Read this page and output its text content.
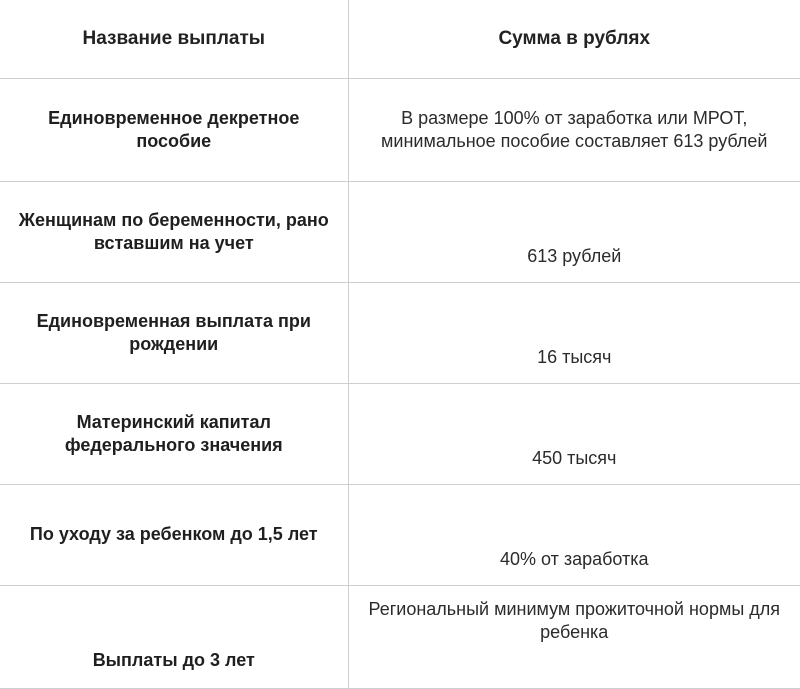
Название выплаты	Сумма в рублях
Единовременное декретное пособие	В размере 100% от заработка или МРОТ, минимальное пособие составляет 613 рублей
Женщинам по беременности, рано вставшим на учет	613 рублей
Единовременная выплата при рождении	16 тысяч
Материнский капитал федерального значения	450 тысяч
По уходу за ребенком до 1,5 лет	40% от заработка
Выплаты до 3 лет	Региональный минимум прожиточной нормы для ребенка
